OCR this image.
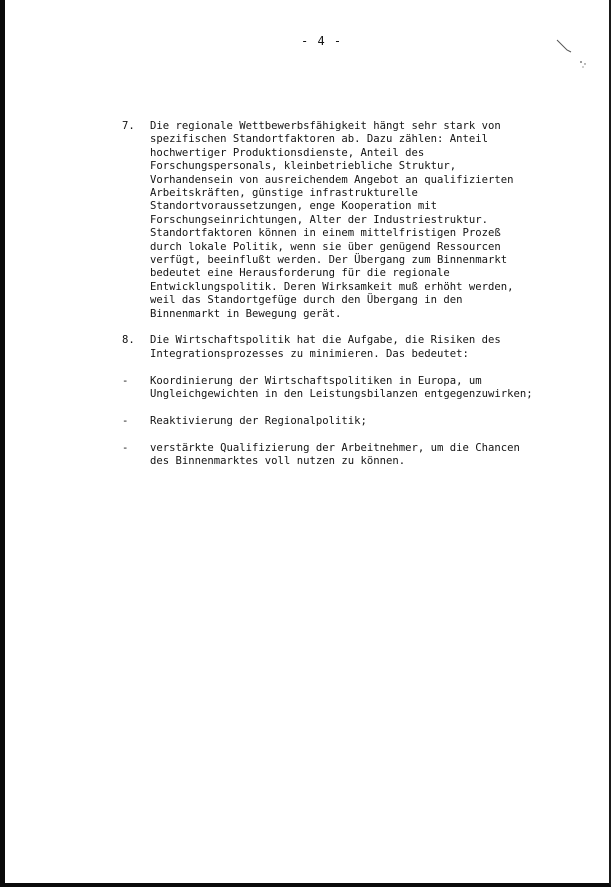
- 4 -
7. Die regionale Wettbewerbsfähigkeit hängt sehr stark von
spezifischen Standortfaktoren ab. Dazu zählen: Anteil
hochwertiger Produktionsdienste, Anteil des
Forschungspersonals, kleinbetriebliche Struktur,
Vorhandensein von ausreichendem Angebot an qualifizierten
Arbeitskräften, günstige infrastrukturelle
Standortvoraussetzungen, enge Kooperation mit
Forschungseinrichtungen, Alter der Industriestruktur.
Standortfaktoren können in einem mittelfristigen Prozeß
durch lokale Politik, wenn sie über genügend Ressourcen
verfügt, beeinflußt werden. Der Übergang zum Binnenmarkt
bedeutet eine Herausforderung für die regionale
Entwicklungspolitik. Deren Wirksamkeit muß erhöht werden,
weil das Standortgefüge durch den Übergang in den
Binnenmarkt in Bewegung gerät.
8. Die Wirtschaftspolitik hat die Aufgabe, die Risiken des
Integrationsprozesses zu minimieren. Das bedeutet:
- Koordinierung der Wirtschaftspolitiken in Europa, um
Ungleichgewichten in den Leistungsbilanzen entgegenzuwirken;
- Reaktivierung der Regionalpolitik;
- verstärkte Qualifizierung der Arbeitnehmer, um die Chancen
des Binnenmarktes voll nutzen zu können.
